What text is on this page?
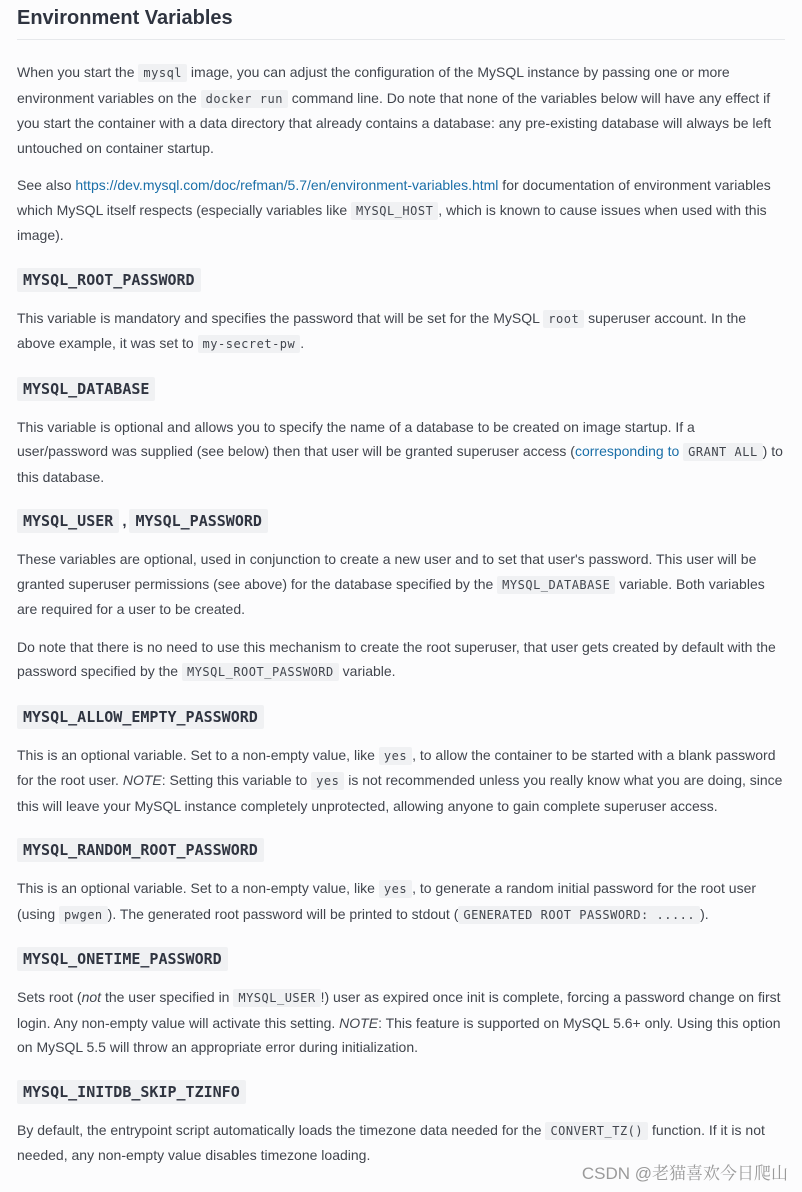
Environment Variables

When you start the mysql image, you can adjust the configuration of the MySQL instance by passing one or more environment variables on the docker run command line. Do note that none of the variables below will have any effect if you start the container with a data directory that already contains a database: any pre-existing database will always be left untouched on container startup.

See also https://dev.mysql.com/doc/refman/5.7/en/environment-variables.html for documentation of environment variables which MySQL itself respects (especially variables like MYSQL_HOST , which is known to cause issues when used with this image).

MYSQL_ROOT_PASSWORD

This variable is mandatory and specifies the password that will be set for the MySQL root superuser account. In the above example, it was set to my-secret-pw .

MYSQL_DATABASE

This variable is optional and allows you to specify the name of a database to be created on image startup. If a user/password was supplied (see below) then that user will be granted superuser access (corresponding to GRANT ALL ) to this database.

MYSQL_USER , MYSQL_PASSWORD

These variables are optional, used in conjunction to create a new user and to set that user's password. This user will be granted superuser permissions (see above) for the database specified by the MYSQL_DATABASE variable. Both variables are required for a user to be created.

Do note that there is no need to use this mechanism to create the root superuser, that user gets created by default with the password specified by the MYSQL_ROOT_PASSWORD variable.

MYSQL_ALLOW_EMPTY_PASSWORD

This is an optional variable. Set to a non-empty value, like yes , to allow the container to be started with a blank password for the root user. NOTE: Setting this variable to yes is not recommended unless you really know what you are doing, since this will leave your MySQL instance completely unprotected, allowing anyone to gain complete superuser access.

MYSQL_RANDOM_ROOT_PASSWORD

This is an optional variable. Set to a non-empty value, like yes , to generate a random initial password for the root user (using pwgen ). The generated root password will be printed to stdout ( GENERATED ROOT PASSWORD: ..... ).

MYSQL_ONETIME_PASSWORD

Sets root (not the user specified in MYSQL_USER !) user as expired once init is complete, forcing a password change on first login. Any non-empty value will activate this setting. NOTE: This feature is supported on MySQL 5.6+ only. Using this option on MySQL 5.5 will throw an appropriate error during initialization.

MYSQL_INITDB_SKIP_TZINFO

By default, the entrypoint script automatically loads the timezone data needed for the CONVERT_TZ() function. If it is not needed, any non-empty value disables timezone loading.

CSDN @老猫喜欢今日爬山
